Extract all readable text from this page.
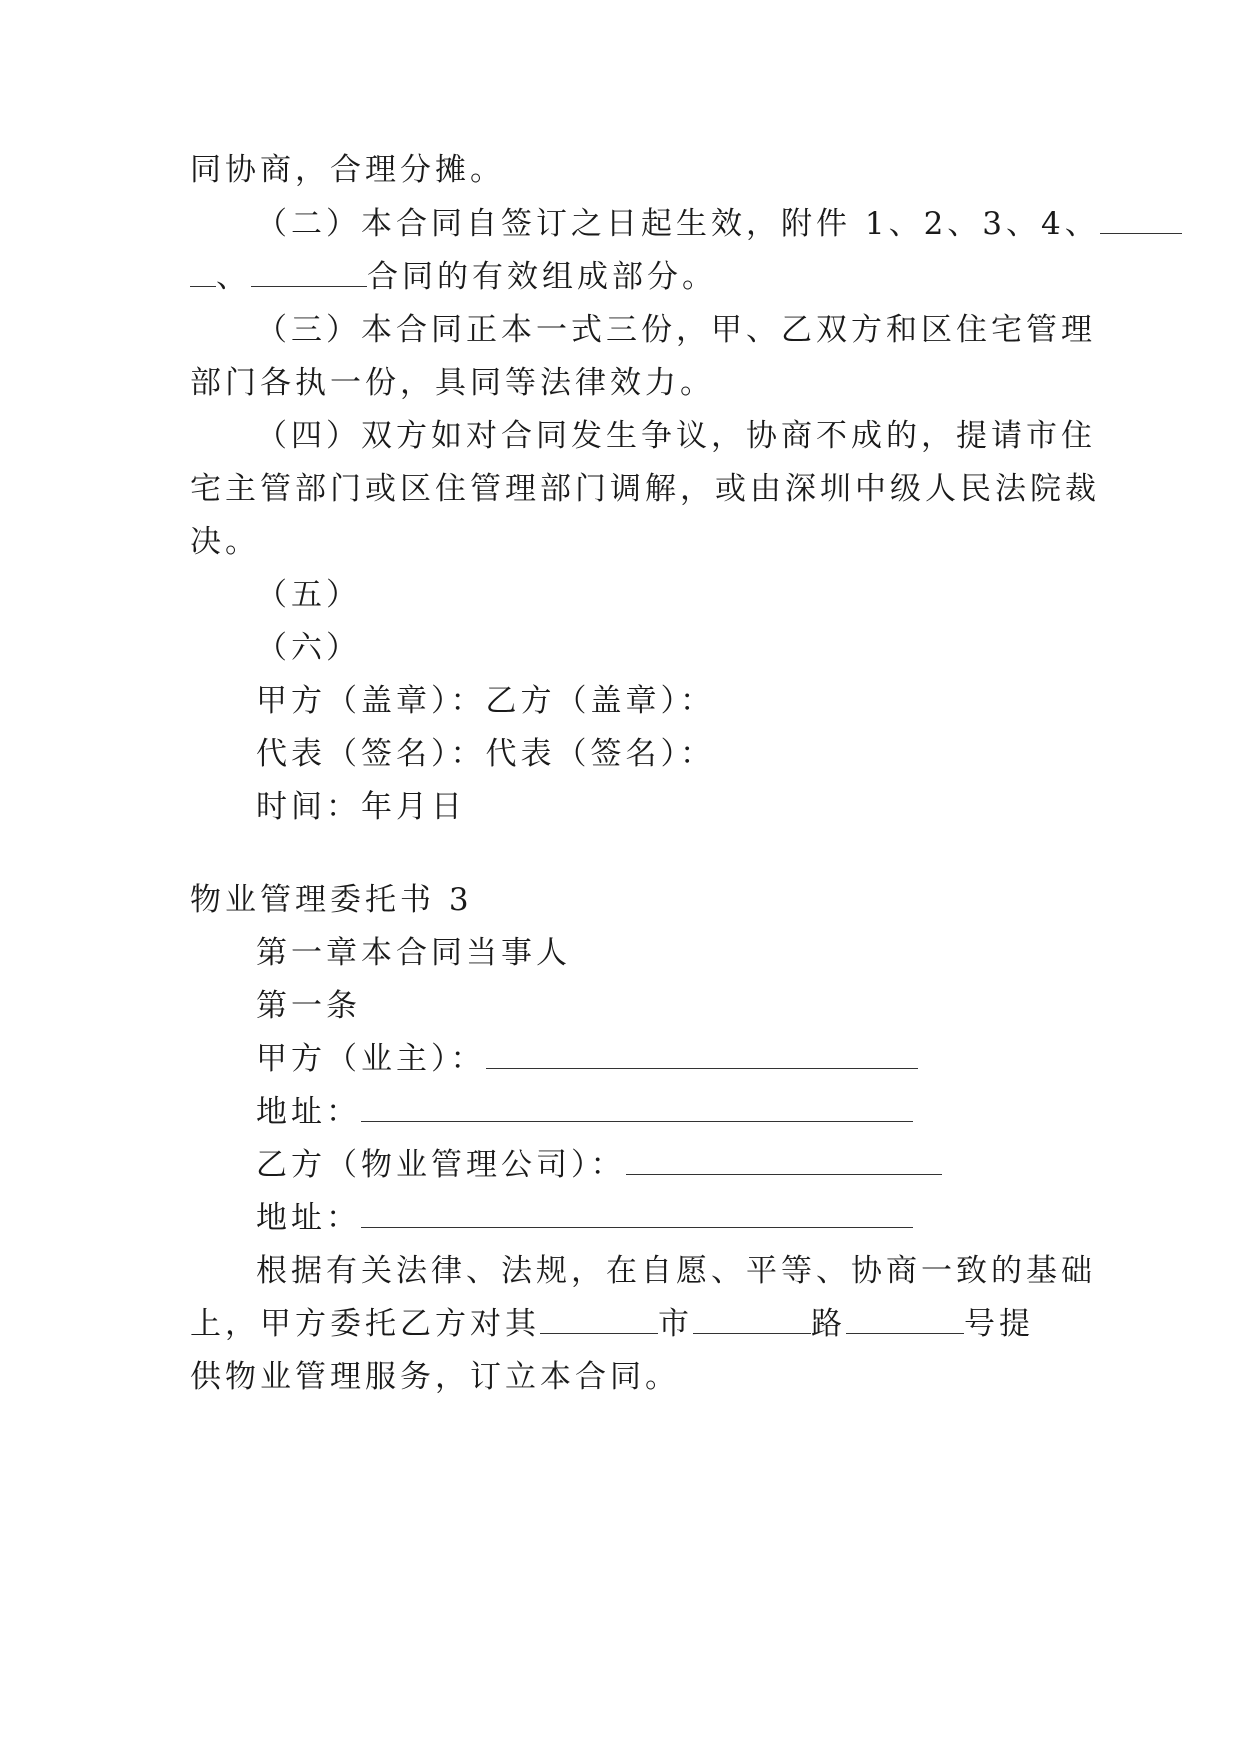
同协商，合理分摊。
（二）本合同自签订之日起生效，附件 1、2、3、4、
、	合同的有效组成部分。
（三）本合同正本一式三份，甲、乙双方和区住宅管理
部门各执一份，具同等法律效力。
（四）双方如对合同发生争议，协商不成的，提请市住
宅主管部门或区住管理部门调解，或由深圳中级人民法院裁
决。
（五）
（六）
甲方（盖章）：乙方（盖章）：
代表（签名）：代表（签名）：
时间：年月日
物业管理委托书 3
第一章本合同当事人
第一条
甲方（业主）：
地址：
乙方（物业管理公司）：
地址：
根据有关法律、法规，在自愿、平等、协商一致的基础
上，甲方委托乙方对其	市	路	号提
供物业管理服务，订立本合同。
